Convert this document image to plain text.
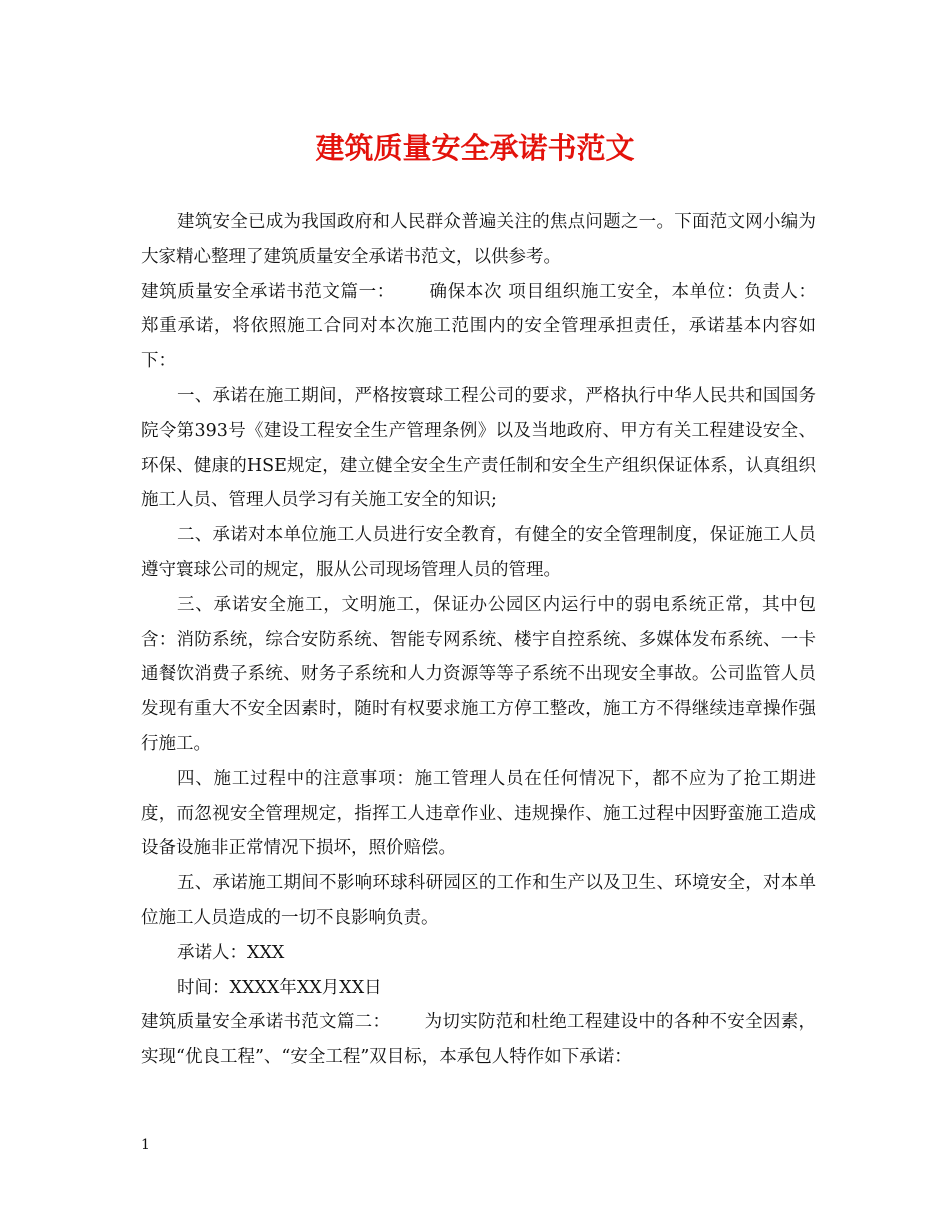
建筑质量安全承诺书范文

建筑安全已成为我国政府和人民群众普遍关注的焦点问题之一。下面范文网小编为大家精心整理了建筑质量安全承诺书范文，以供参考。

建筑质量安全承诺书范文篇一： 确保本次 项目组织施工安全，本单位：负责人： 郑重承诺，将依照施工合同对本次施工范围内的安全管理承担责任，承诺基本内容如下：

一、承诺在施工期间，严格按寰球工程公司的要求，严格执行中华人民共和国国务院令第393号《建设工程安全生产管理条例》以及当地政府、甲方有关工程建设安全、环保、健康的HSE规定，建立健全安全生产责任制和安全生产组织保证体系，认真组织施工人员、管理人员学习有关施工安全的知识;

二、承诺对本单位施工人员进行安全教育，有健全的安全管理制度，保证施工人员遵守寰球公司的规定，服从公司现场管理人员的管理。

三、承诺安全施工，文明施工，保证办公园区内运行中的弱电系统正常，其中包含：消防系统，综合安防系统、智能专网系统、楼宇自控系统、多媒体发布系统、一卡通餐饮消费子系统、财务子系统和人力资源等等子系统不出现安全事故。公司监管人员发现有重大不安全因素时，随时有权要求施工方停工整改，施工方不得继续违章操作强行施工。

四、施工过程中的注意事项：施工管理人员在任何情况下，都不应为了抢工期进度，而忽视安全管理规定，指挥工人违章作业、违规操作、施工过程中因野蛮施工造成设备设施非正常情况下损坏，照价赔偿。

五、承诺施工期间不影响环球科研园区的工作和生产以及卫生、环境安全，对本单位施工人员造成的一切不良影响负责。

承诺人：XXX

时间：XXXX年XX月XX日

建筑质量安全承诺书范文篇二： 为切实防范和杜绝工程建设中的各种不安全因素，实现“优良工程”、“安全工程”双目标，本承包人特作如下承诺：

1
